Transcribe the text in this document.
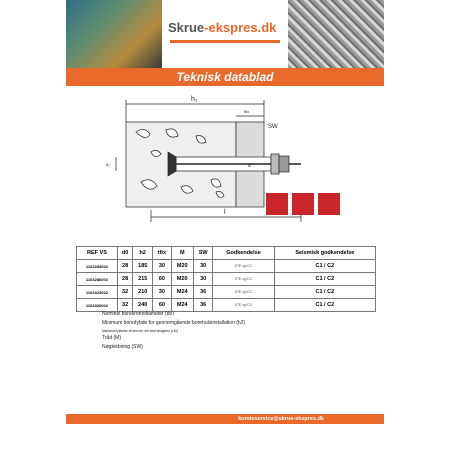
Skrue-ekspres.dk
Teknisk datablad
h₂
tfix
SW
l
d₀	M
REF VS	d0	h2	tfix	M	SW	Godkendelse	Seismisk godkendelse
1163283002	28	185	30	M20	30	ETE og ICC	C1 / C2
1163286002	28	215	60	M20	30	ETE og ICC	C1 / C2
1163323002	32	210	30	M24	36	ETE og ICC	C1 / C2
1163326002	32	240	60	M24	36	ETE og ICC	C1 / C2
Nominel borekronediameter (do)
Minimum boredybde for gennemgående borehulsinstallation (h2)
Maksimal tykkelse af den del, der skal fastgøres (t-fix)
Tråd (M)
Nøglekbning (SW)
kundeservice@skrue-ekspres.dk
